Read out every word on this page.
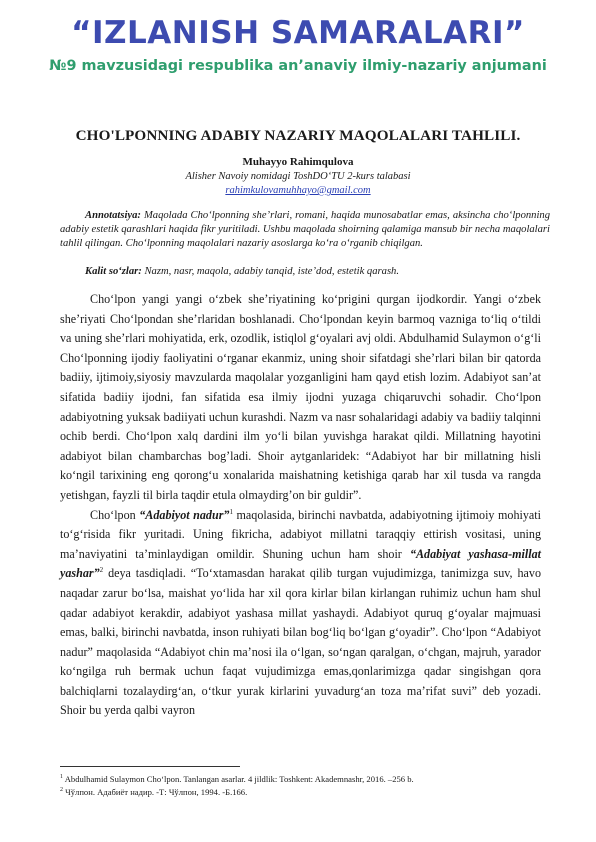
“IZLANISH SAMARALARI”
№9 mavzusidagi respublika an’anaviy ilmiy-nazariy anjumani
CHO'LPONNING ADABIY NAZARIY MAQOLALARI TAHLILI.
Muhayyo Rahimqulova
Alisher Navoiy nomidagi ToshDO‘TU 2-kurs talabasi
rahimkulovamuhhayo@gmail.com
Annotatsiya: Maqolada Cho‘lponning she’rlari, romani, haqida munosabatlar emas, aksincha cho‘lponning adabiy estetik qarashlari haqida fikr yuritiladi. Ushbu maqolada shoirning qalamiga mansub bir necha maqolalari tahlil qilingan. Cho‘lponning maqolalari nazariy asoslarga ko‘ra o‘rganib chiqilgan.
Kalit so‘zlar: Nazm, nasr, maqola, adabiy tanqid, iste’dod, estetik qarash.

Cho‘lpon yangi yangi o‘zbek she’riyatining ko‘prigini qurgan ijodkordir. Yangi o‘zbek she’riyati Cho‘lpondan she’rlaridan boshlanadi. Cho‘lpondan keyin barmoq vazniga to‘liq o‘tildi va uning she’rlari mohiyatida, erk, ozodlik, istiqlol g‘oyalari avj oldi. Abdulhamid Sulaymon o‘g‘li Cho‘lponning ijodiy faoliyatini o‘rganar ekanmiz, uning shoir sifatdagi she’rlari bilan bir qatorda badiiy, ijtimoiy,siyosiy mavzularda maqolalar yozganligini ham qayd etish lozim. Adabiyot san’at sifatida badiiy ijodni, fan sifatida esa ilmiy ijodni yuzaga chiqaruvchi sohadir. Cho‘lpon adabiyotning yuksak badiiyati uchun kurashdi. Nazm va nasr sohalaridagi adabiy va badiiy talqinni ochib berdi. Cho‘lpon xalq dardini ilm yo‘li bilan yuvishga harakat qildi. Millatning hayotini adabiyot bilan chambarchas bog’ladi. Shoir aytganlaridek: “Adabiyot har bir millatning hisli ko‘ngil tarixining eng qorong‘u xonalarida maishatning ketishiga qarab har xil tusda va rangda yetishgan, fayzli til birla taqdir etula olmaydirg’on bir guldir”.

Cho‘lpon “Adabiyot nadur”$^1$ maqolasida, birinchi navbatda, adabiyotning ijtimoiy mohiyati to‘g‘risida fikr yuritadi. Uning fikricha, adabiyot millatni taraqqiy ettirish vositasi, uning ma’naviyatini ta’minlaydigan omildir. Shuning uchun ham shoir “Adabiyat yashasa-millat yashar”$^2$ deya tasdiqladi. “To‘xtamasdan harakat qilib turgan vujudimizga, tanimizga suv, havo naqadar zarur bo‘lsa, maishat yo‘lida har xil qora kirlar bilan kirlangan ruhimiz uchun ham shul qadar adabiyot kerakdir, adabiyot yashasa millat yashaydi. Adabiyot quruq g‘oyalar majmuasi emas, balki, birinchi navbatda, inson ruhiyati bilan bog‘liq bo‘lgan g‘oyadir”. Cho‘lpon “Adabiyot nadur” maqolasida “Adabiyot chin ma’nosi ila o‘lgan, so‘ngan qaralgan, o‘chgan, majruh, yarador ko‘ngilga ruh bermak uchun faqat vujudimizga emas,qonlarimizga qadar singishgan qora balchiqlarni tozalaydirg‘an, o‘tkur yurak kirlarini yuvadurg‘an toza ma’rifat suvi” deb yozadi. Shoir bu yerda qalbi vayron

$^1$ Abdulhamid Sulaymon Cho‘lpon. Tanlangan asarlar. 4 jildlik: Toshkent: Akademnashr, 2016. –256 b.
$^2$ Чўлпон. Адабиёт надир. -Т: Чўлпон, 1994. -Б.166.
